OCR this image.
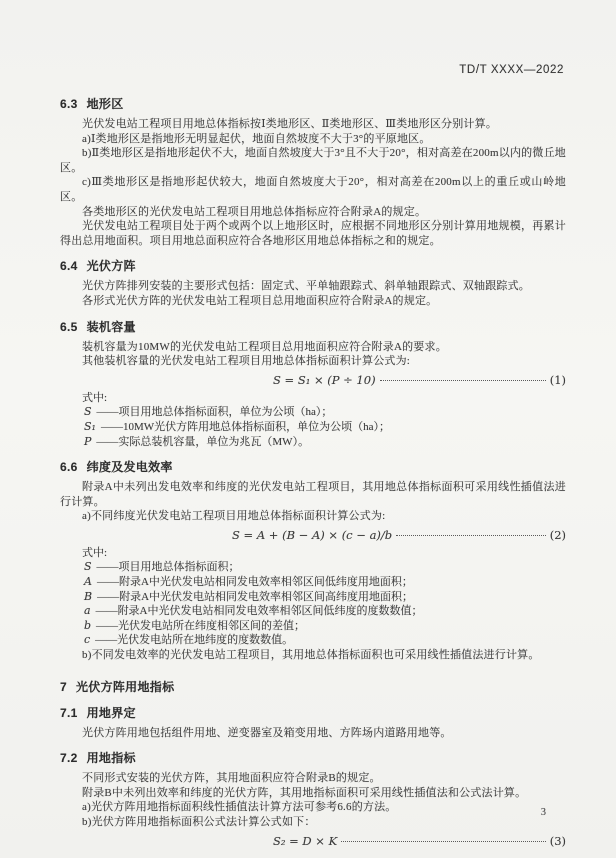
TD/T XXXX—2022
6.3 地形区

光伏发电站工程项目用地总体指标按Ⅰ类地形区、Ⅱ类地形区、Ⅲ类地形区分别计算。

a)Ⅰ类地形区是指地形无明显起伏，地面自然坡度不大于3°的平原地区。

b)Ⅱ类地形区是指地形起伏不大，地面自然坡度大于3°且不大于20°，相对高差在200m以内的微丘地区。

c)Ⅲ类地形区是指地形起伏较大，地面自然坡度大于20°，相对高差在200m以上的重丘或山岭地区。

各类地形区的光伏发电站工程项目用地总体指标应符合附录A的规定。

光伏发电站工程项目处于两个或两个以上地形区时，应根据不同地形区分别计算用地规模，再累计得出总用地面积。项目用地总面积应符合各地形区用地总体指标之和的规定。

6.4 光伏方阵

光伏方阵排列安装的主要形式包括：固定式、平单轴跟踪式、斜单轴跟踪式、双轴跟踪式。

各形式光伏方阵的光伏发电站工程项目总用地面积应符合附录A的规定。

6.5 装机容量

装机容量为10MW的光伏发电站工程项目总用地面积应符合附录A的要求。

其他装机容量的光伏发电站工程项目用地总体指标面积计算公式为:

S = S₁ × (P ÷ 10)	(1)

式中:

S ——项目用地总体指标面积，单位为公顷（ha）；
S₁ ——10MW光伏方阵用地总体指标面积，单位为公顷（ha）；
P ——实际总装机容量，单位为兆瓦（MW）。
6.6 纬度及发电效率

附录A中未列出发电效率和纬度的光伏发电站工程项目，其用地总体指标面积可采用线性插值法进行计算。

a)不同纬度光伏发电站工程项目用地总体指标面积计算公式为:

S = A + (B − A) × (c − a)/b	(2)

式中:

S ——项目用地总体指标面积；
A ——附录A中光伏发电站相同发电效率相邻区间低纬度用地面积；
B ——附录A中光伏发电站相同发电效率相邻区间高纬度用地面积；
a ——附录A中光伏发电站相同发电效率相邻区间低纬度的度数数值；
b ——光伏发电站所在纬度相邻区间的差值；
c ——光伏发电站所在地纬度的度数数值。

b)不同发电效率的光伏发电站工程项目，其用地总体指标面积也可采用线性插值法进行计算。

7 光伏方阵用地指标
7.1 用地界定

光伏方阵用地包括组件用地、逆变器室及箱变用地、方阵场内道路用地等。

7.2 用地指标

不同形式安装的光伏方阵，其用地面积应符合附录B的规定。

附录B中未列出效率和纬度的光伏方阵，其用地指标面积可采用线性插值法和公式法计算。

a)光伏方阵用地指标面积线性插值法计算方法可参考6.6的方法。

b)光伏方阵用地指标面积公式法计算公式如下：

S₂ = D × K	(3)
3
